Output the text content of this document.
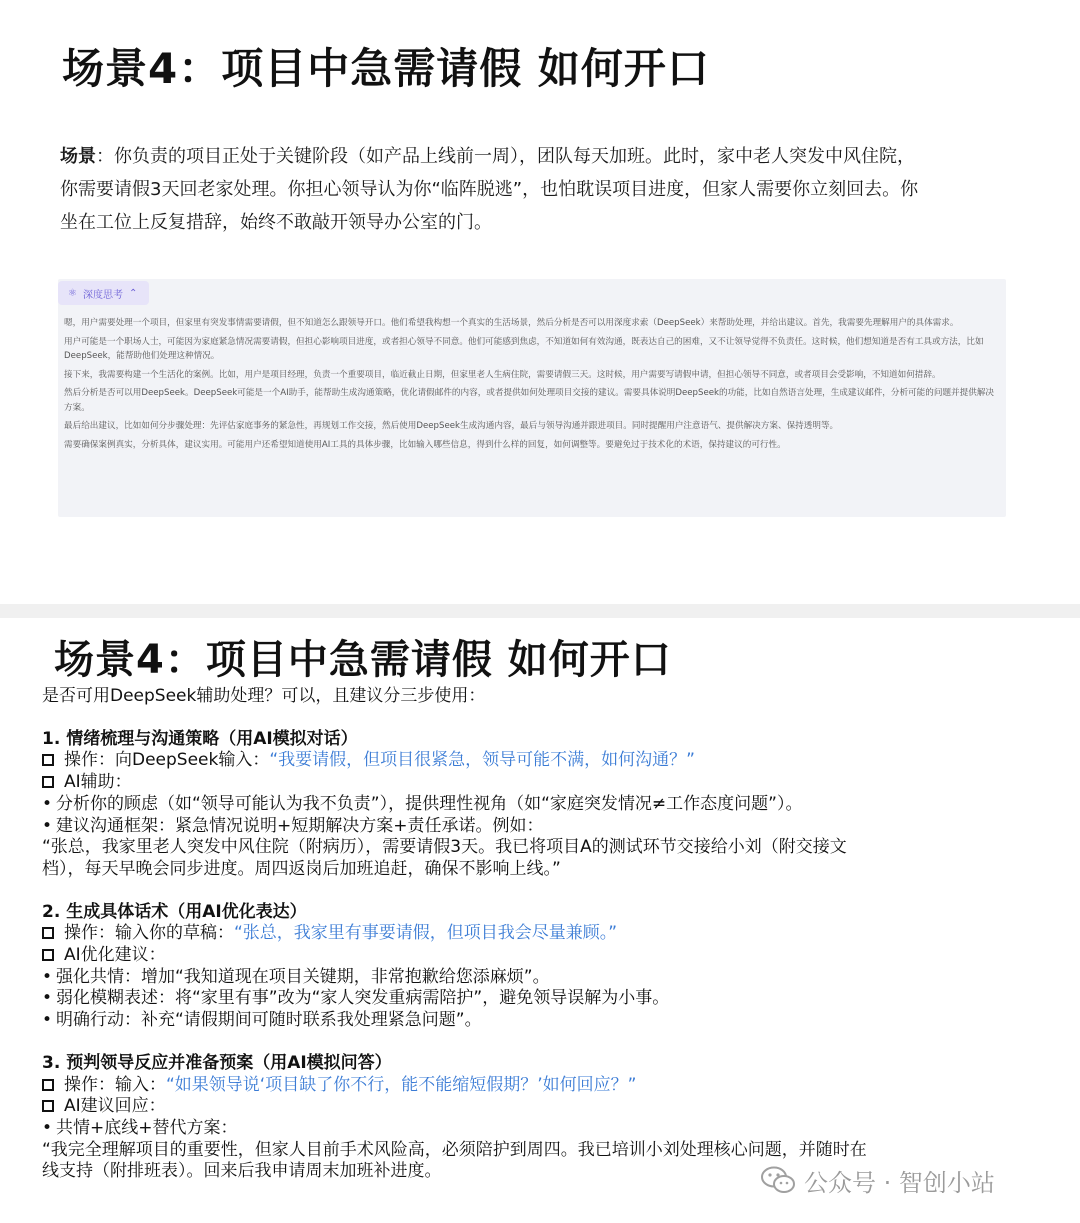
场景4：项目中急需请假 如何开口
场景：你负责的项目正处于关键阶段（如产品上线前一周），团队每天加班。此时，家中老人突发中风住院，
你需要请假3天回老家处理。你担心领导认为你“临阵脱逃”，也怕耽误项目进度，但家人需要你立刻回去。你
坐在工位上反复措辞，始终不敢敲开领导办公室的门。
⚛ 深度思考 ⌃

嗯，用户需要处理一个项目，但家里有突发事情需要请假，但不知道怎么跟领导开口。他们希望我构想一个真实的生活场景，然后分析是否可以用深度求索（DeepSeek）来帮助处理，并给出建议。首先，我需要先理解用户的具体需求。

用户可能是一个职场人士，可能因为家庭紧急情况需要请假，但担心影响项目进度，或者担心领导不同意。他们可能感到焦虑，不知道如何有效沟通，既表达自己的困难，又不让领导觉得不负责任。这时候，他们想知道是否有工具或方法，比如DeepSeek，能帮助他们处理这种情况。

接下来，我需要构建一个生活化的案例。比如，用户是项目经理，负责一个重要项目，临近截止日期，但家里老人生病住院，需要请假三天。这时候，用户需要写请假申请，但担心领导不同意，或者项目会受影响，不知道如何措辞。

然后分析是否可以用DeepSeek。DeepSeek可能是一个AI助手，能帮助生成沟通策略，优化请假邮件的内容，或者提供如何处理项目交接的建议。需要具体说明DeepSeek的功能，比如自然语言处理，生成建议邮件，分析可能的问题并提供解决方案。

最后给出建议，比如如何分步骤处理：先评估家庭事务的紧急性，再规划工作交接，然后使用DeepSeek生成沟通内容，最后与领导沟通并跟进项目。同时提醒用户注意语气、提供解决方案、保持透明等。

需要确保案例真实，分析具体，建议实用。可能用户还希望知道使用AI工具的具体步骤，比如输入哪些信息，得到什么样的回复，如何调整等。要避免过于技术化的术语，保持建议的可行性。

场景4：项目中急需请假 如何开口
是否可用DeepSeek辅助处理？可以，且建议分三步使用：
1. 情绪梳理与沟通策略（用AI模拟对话）
操作：向DeepSeek输入：“我要请假，但项目很紧急，领导可能不满，如何沟通？”
AI辅助：
• 分析你的顾虑（如“领导可能认为我不负责”），提供理性视角（如“家庭突发情况≠工作态度问题”）。
• 建议沟通框架：紧急情况说明+短期解决方案+责任承诺。例如：
“张总，我家里老人突发中风住院（附病历），需要请假3天。我已将项目A的测试环节交接给小刘（附交接文
档），每天早晚会同步进度。周四返岗后加班追赶，确保不影响上线。”
2. 生成具体话术（用AI优化表达）
操作：输入你的草稿：“张总，我家里有事要请假，但项目我会尽量兼顾。”
AI优化建议：
• 强化共情：增加“我知道现在项目关键期，非常抱歉给您添麻烦”。
• 弱化模糊表述：将“家里有事”改为“家人突发重病需陪护”，避免领导误解为小事。
• 明确行动：补充“请假期间可随时联系我处理紧急问题”。
3. 预判领导反应并准备预案（用AI模拟问答）
操作：输入：“如果领导说‘项目缺了你不行，能不能缩短假期？’如何回应？”
AI建议回应：
• 共情+底线+替代方案：
“我完全理解项目的重要性，但家人目前手术风险高，必须陪护到周四。我已培训小刘处理核心问题，并随时在
线支持（附排班表）。回来后我申请周末加班补进度。	公众号 · 智创小站
